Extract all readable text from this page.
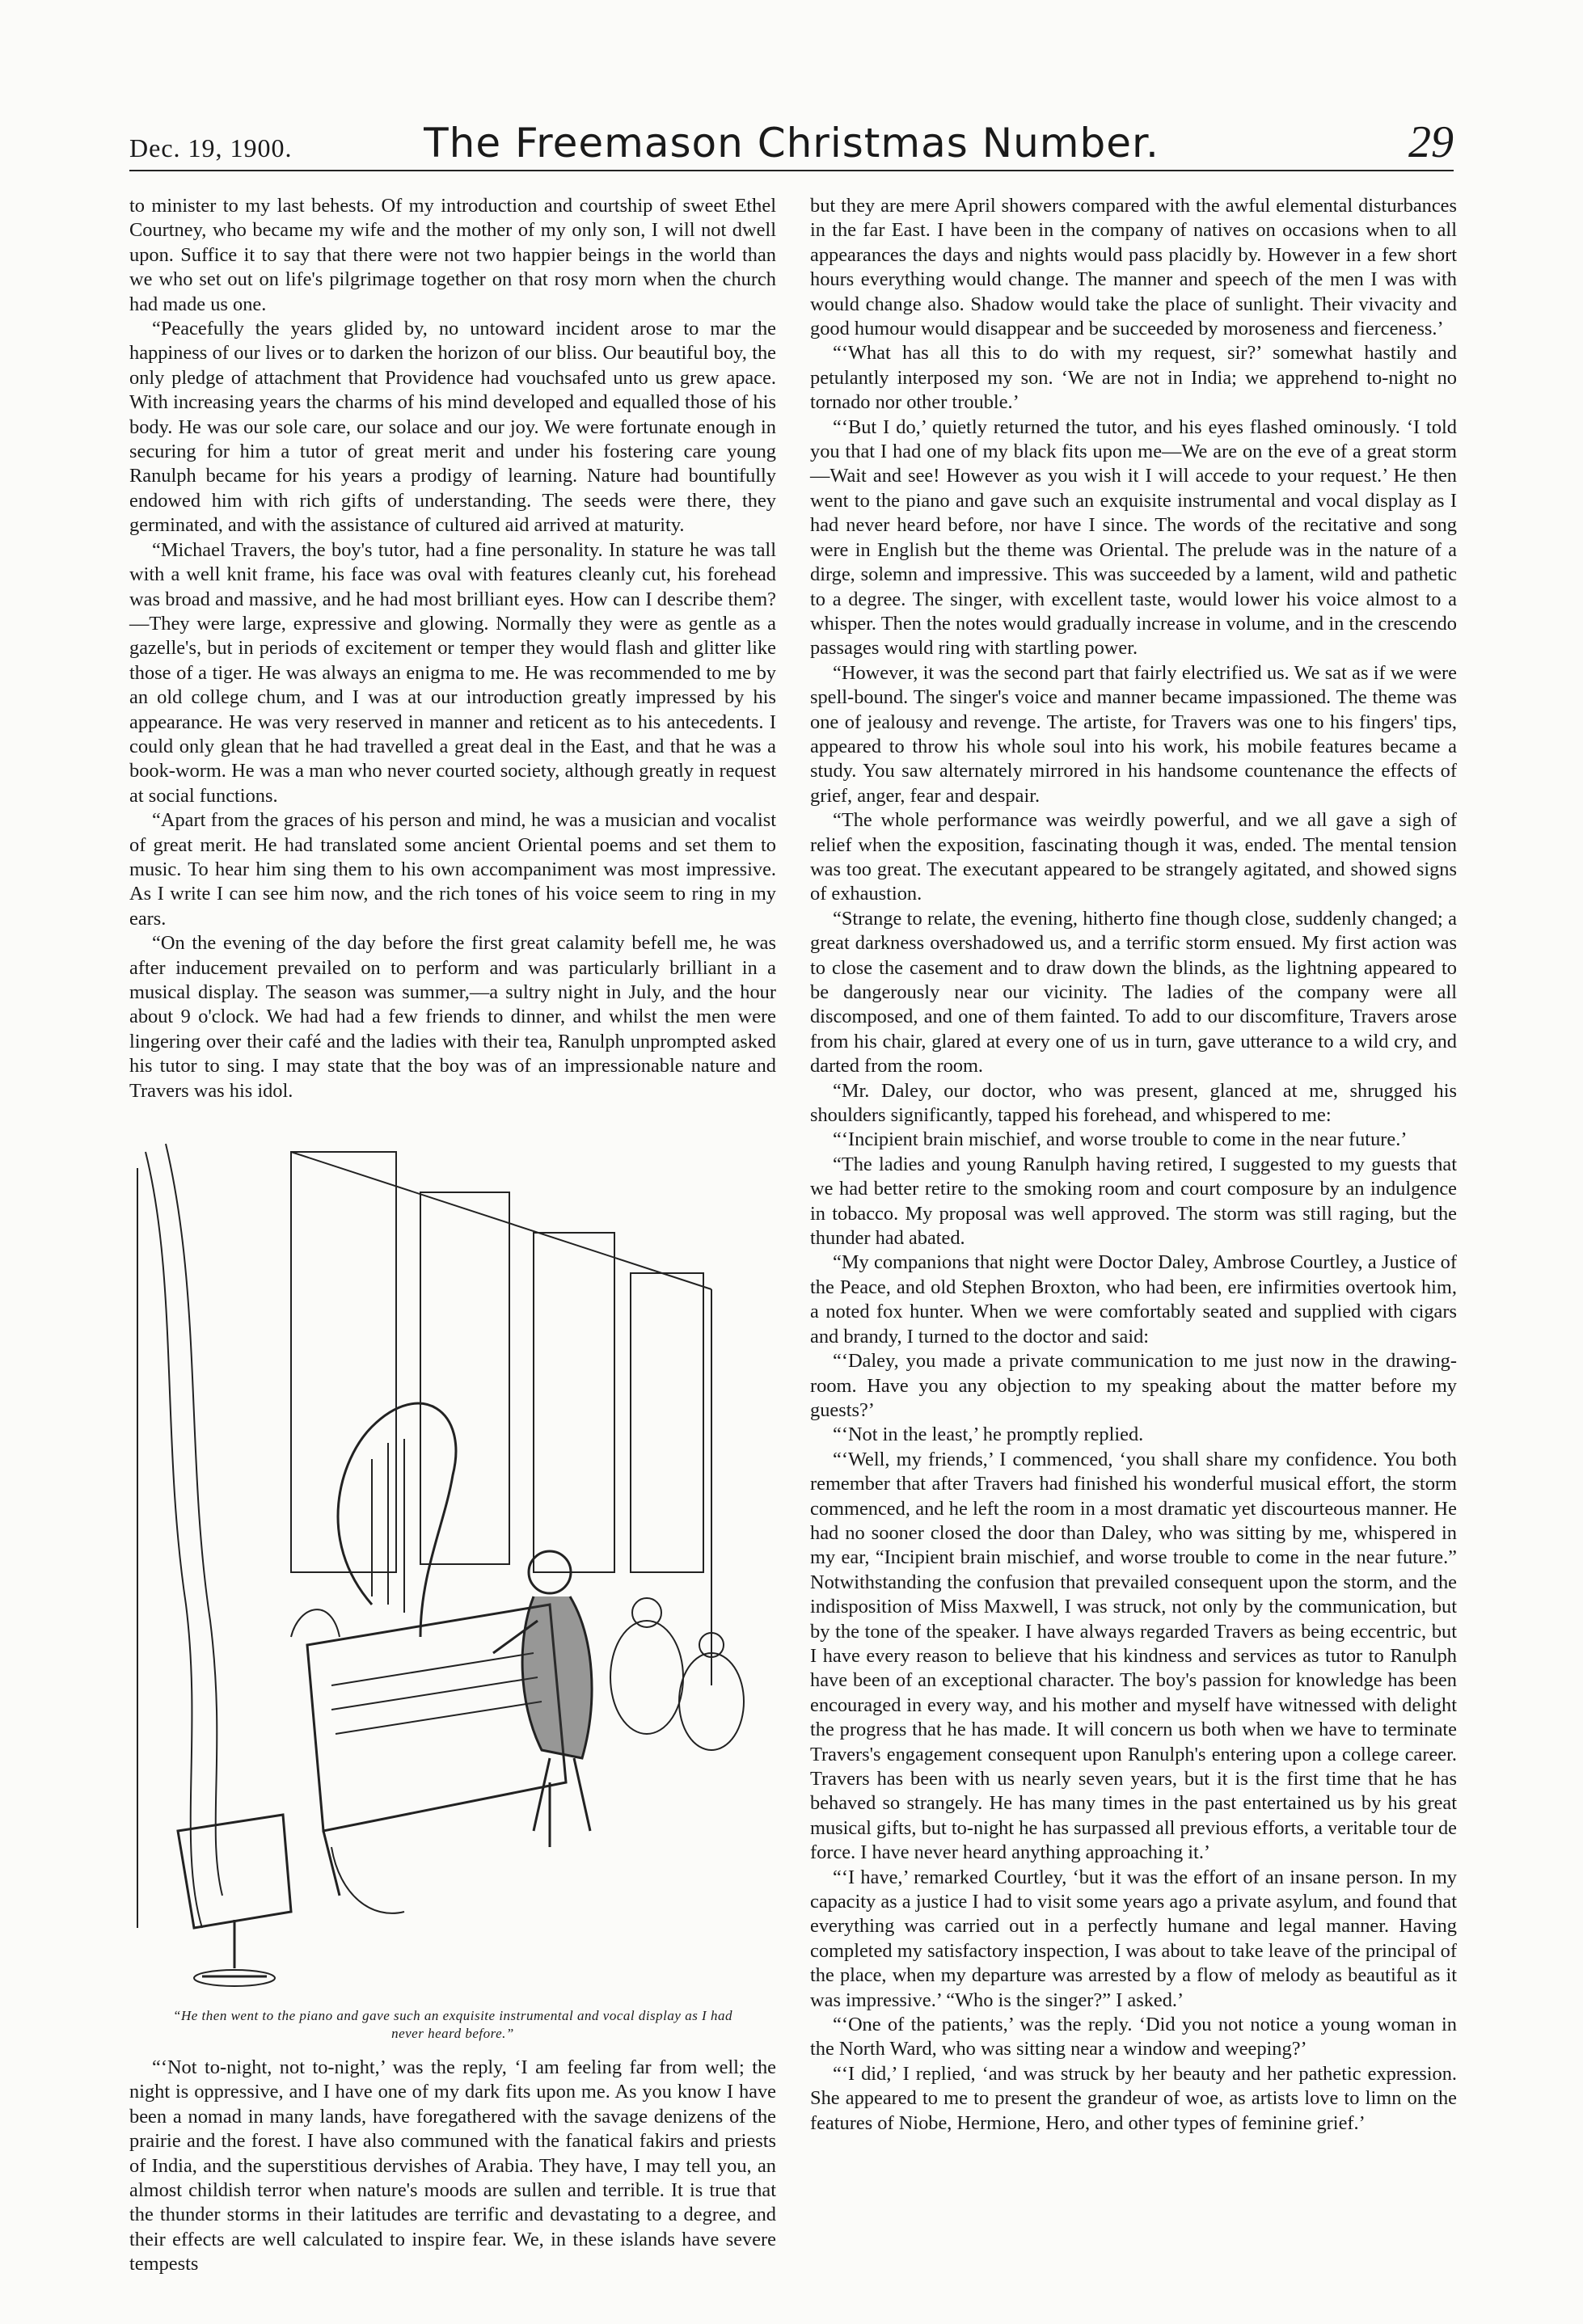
Dec. 19, 1900.	The Freemason Christmas Number.	29

to minister to my last behests. Of my introduction and courtship of sweet Ethel Courtney, who became my wife and the mother of my only son, I will not dwell upon. Suffice it to say that there were not two happier beings in the world than we who set out on life's pilgrimage together on that rosy morn when the church had made us one.

“Peacefully the years glided by, no untoward incident arose to mar the happiness of our lives or to darken the horizon of our bliss. Our beautiful boy, the only pledge of attachment that Providence had vouchsafed unto us grew apace. With increasing years the charms of his mind developed and equalled those of his body. He was our sole care, our solace and our joy. We were fortunate enough in securing for him a tutor of great merit and under his fostering care young Ranulph became for his years a prodigy of learning. Nature had bountifully endowed him with rich gifts of understanding. The seeds were there, they germinated, and with the assistance of cultured aid arrived at maturity.

“Michael Travers, the boy's tutor, had a fine personality. In stature he was tall with a well knit frame, his face was oval with features cleanly cut, his forehead was broad and massive, and he had most brilliant eyes. How can I describe them?—They were large, expressive and glowing. Normally they were as gentle as a gazelle's, but in periods of excitement or temper they would flash and glitter like those of a tiger. He was always an enigma to me. He was recommended to me by an old college chum, and I was at our introduction greatly impressed by his appearance. He was very reserved in manner and reticent as to his antecedents. I could only glean that he had travelled a great deal in the East, and that he was a book-worm. He was a man who never courted society, although greatly in request at social functions.

“Apart from the graces of his person and mind, he was a musician and vocalist of great merit. He had translated some ancient Oriental poems and set them to music. To hear him sing them to his own accompaniment was most impressive. As I write I can see him now, and the rich tones of his voice seem to ring in my ears.

“On the evening of the day before the first great calamity befell me, he was after inducement prevailed on to perform and was particularly brilliant in a musical display. The season was summer,—a sultry night in July, and the hour about 9 o'clock. We had had a few friends to dinner, and whilst the men were lingering over their café and the ladies with their tea, Ranulph unprompted asked his tutor to sing. I may state that the boy was of an impressionable nature and Travers was his idol.

“He then went to the piano and gave such an exquisite instrumental and vocal display as I had never heard before.”

“‘Not to-night, not to-night,’ was the reply, ‘I am feeling far from well; the night is oppressive, and I have one of my dark fits upon me. As you know I have been a nomad in many lands, have foregathered with the savage denizens of the prairie and the forest. I have also communed with the fanatical fakirs and priests of India, and the superstitious dervishes of Arabia. They have, I may tell you, an almost childish terror when nature's moods are sullen and terrible. It is true that the thunder storms in their latitudes are terrific and devastating to a degree, and their effects are well calculated to inspire fear. We, in these islands have severe tempests

but they are mere April showers compared with the awful elemental disturbances in the far East. I have been in the company of natives on occasions when to all appearances the days and nights would pass placidly by. However in a few short hours everything would change. The manner and speech of the men I was with would change also. Shadow would take the place of sunlight. Their vivacity and good humour would disappear and be succeeded by moroseness and fierceness.’

“‘What has all this to do with my request, sir?’ somewhat hastily and petulantly interposed my son. ‘We are not in India; we apprehend to-night no tornado nor other trouble.’

“‘But I do,’ quietly returned the tutor, and his eyes flashed ominously. ‘I told you that I had one of my black fits upon me—We are on the eve of a great storm—Wait and see! However as you wish it I will accede to your request.’ He then went to the piano and gave such an exquisite instrumental and vocal display as I had never heard before, nor have I since. The words of the recitative and song were in English but the theme was Oriental. The prelude was in the nature of a dirge, solemn and impressive. This was succeeded by a lament, wild and pathetic to a degree. The singer, with excellent taste, would lower his voice almost to a whisper. Then the notes would gradually increase in volume, and in the crescendo passages would ring with startling power.

“However, it was the second part that fairly electrified us. We sat as if we were spell-bound. The singer's voice and manner became impassioned. The theme was one of jealousy and revenge. The artiste, for Travers was one to his fingers' tips, appeared to throw his whole soul into his work, his mobile features became a study. You saw alternately mirrored in his handsome countenance the effects of grief, anger, fear and despair.

“The whole performance was weirdly powerful, and we all gave a sigh of relief when the exposition, fascinating though it was, ended. The mental tension was too great. The executant appeared to be strangely agitated, and showed signs of exhaustion.

“Strange to relate, the evening, hitherto fine though close, suddenly changed; a great darkness overshadowed us, and a terrific storm ensued. My first action was to close the casement and to draw down the blinds, as the lightning appeared to be dangerously near our vicinity. The ladies of the company were all discomposed, and one of them fainted. To add to our discomfiture, Travers arose from his chair, glared at every one of us in turn, gave utterance to a wild cry, and darted from the room.

“Mr. Daley, our doctor, who was present, glanced at me, shrugged his shoulders significantly, tapped his forehead, and whispered to me:

“‘Incipient brain mischief, and worse trouble to come in the near future.’

“The ladies and young Ranulph having retired, I suggested to my guests that we had better retire to the smoking room and court composure by an indulgence in tobacco. My proposal was well approved. The storm was still raging, but the thunder had abated.

“My companions that night were Doctor Daley, Ambrose Courtley, a Justice of the Peace, and old Stephen Broxton, who had been, ere infirmities overtook him, a noted fox hunter. When we were comfortably seated and supplied with cigars and brandy, I turned to the doctor and said:

“‘Daley, you made a private communication to me just now in the drawing-room. Have you any objection to my speaking about the matter before my guests?’

“‘Not in the least,’ he promptly replied.

“‘Well, my friends,’ I commenced, ‘you shall share my confidence. You both remember that after Travers had finished his wonderful musical effort, the storm commenced, and he left the room in a most dramatic yet discourteous manner. He had no sooner closed the door than Daley, who was sitting by me, whispered in my ear, “Incipient brain mischief, and worse trouble to come in the near future.” Notwithstanding the confusion that prevailed consequent upon the storm, and the indisposition of Miss Maxwell, I was struck, not only by the communication, but by the tone of the speaker. I have always regarded Travers as being eccentric, but I have every reason to believe that his kindness and services as tutor to Ranulph have been of an exceptional character. The boy's passion for knowledge has been encouraged in every way, and his mother and myself have witnessed with delight the progress that he has made. It will concern us both when we have to terminate Travers's engagement consequent upon Ranulph's entering upon a college career. Travers has been with us nearly seven years, but it is the first time that he has behaved so strangely. He has many times in the past entertained us by his great musical gifts, but to-night he has surpassed all previous efforts, a veritable tour de force. I have never heard anything approaching it.’

“‘I have,’ remarked Courtley, ‘but it was the effort of an insane person. In my capacity as a justice I had to visit some years ago a private asylum, and found that everything was carried out in a perfectly humane and legal manner. Having completed my satisfactory inspection, I was about to take leave of the principal of the place, when my departure was arrested by a flow of melody as beautiful as it was impressive.’ “Who is the singer?” I asked.’

“‘One of the patients,’ was the reply. ‘Did you not notice a young woman in the North Ward, who was sitting near a window and weeping?’

“‘I did,’ I replied, ‘and was struck by her beauty and her pathetic expression. She appeared to me to present the grandeur of woe, as artists love to limn on the features of Niobe, Hermione, Hero, and other types of feminine grief.’
